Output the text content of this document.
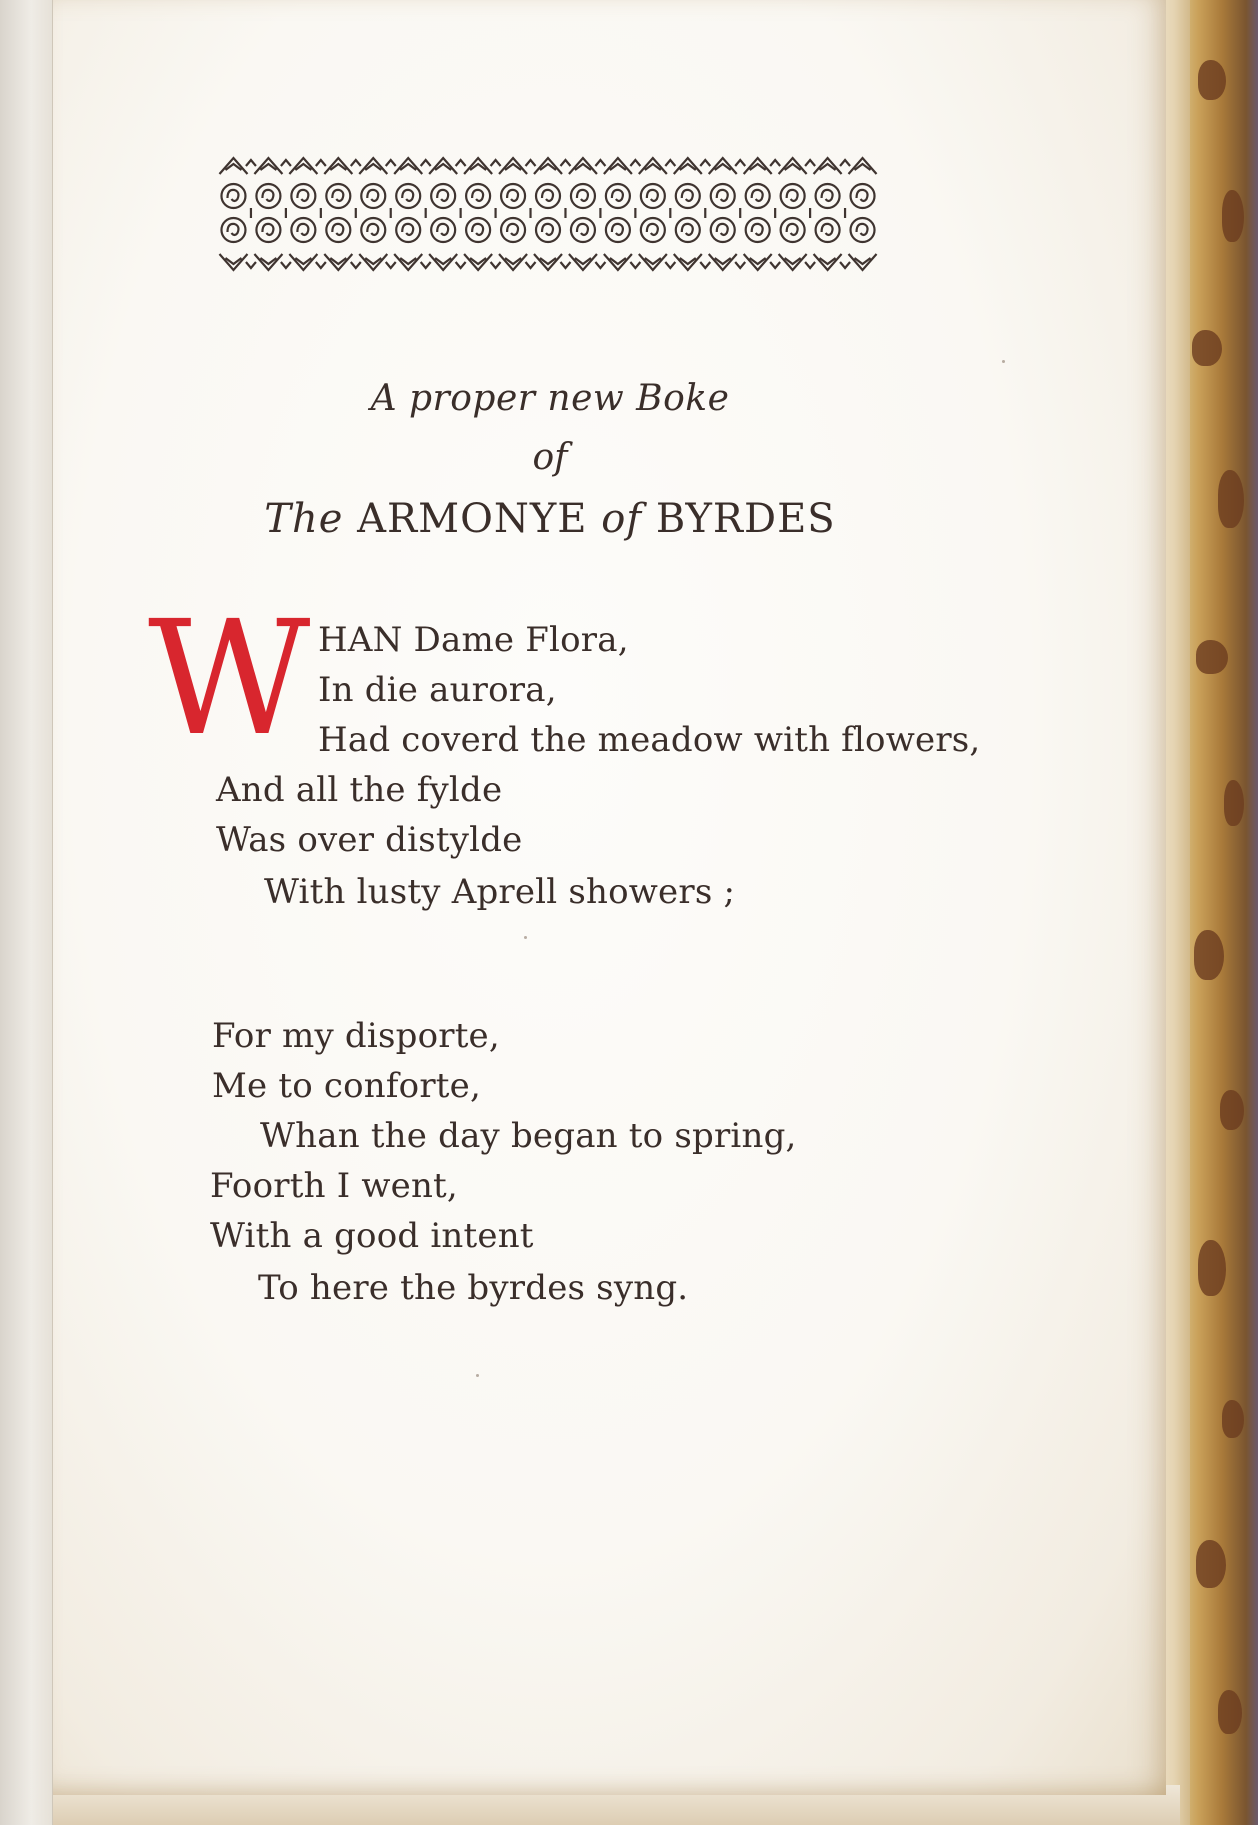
A proper new Boke
of
The ARMONYE of BYRDES
W HAN Dame Flora,
In die aurora,
Had coverd the meadow with flowers,
And all the fylde
Was over distylde
With lusty Aprell showers ;
For my disporte,
Me to conforte,
Whan the day began to spring,
Foorth I went,
With a good intent
To here the byrdes syng.
